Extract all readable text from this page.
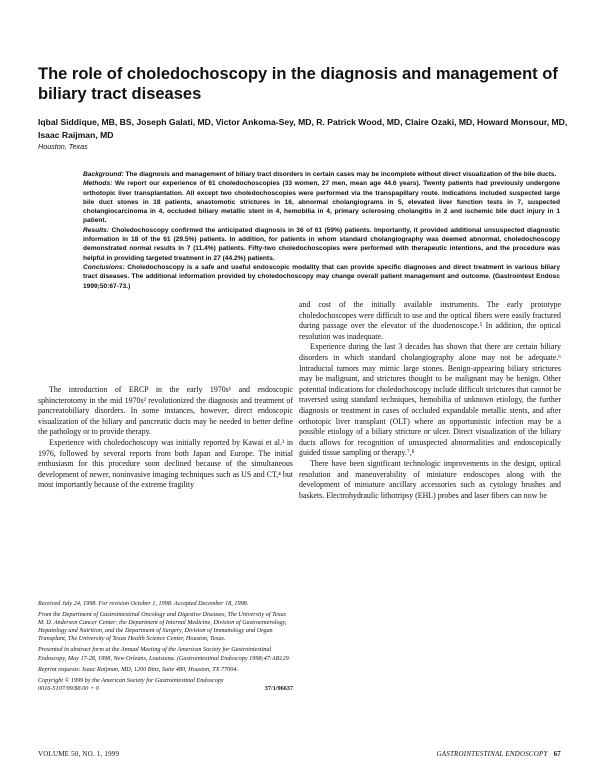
The role of choledochoscopy in the diagnosis and management of biliary tract diseases
Iqbal Siddique, MB, BS, Joseph Galati, MD, Victor Ankoma-Sey, MD, R. Patrick Wood, MD, Claire Ozaki, MD, Howard Monsour, MD, Isaac Raijman, MD
Houston, Texas

Background: The diagnosis and management of biliary tract disorders in certain cases may be incomplete without direct visualization of the bile ducts.

Methods: We report our experience of 61 choledochoscopies (33 women, 27 men, mean age 44.6 years). Twenty patients had previously undergone orthotopic liver transplantation. All except two choledochoscopies were performed via the transpapillary route. Indications included suspected large bile duct stones in 18 patients, anastomotic strictures in 16, abnormal cholangiograms in 5, elevated liver function tests in 7, suspected cholangiocarcinoma in 4, occluded biliary metallic stent in 4, hemobilia in 4, primary sclerosing cholangitis in 2 and ischemic bile duct injury in 1 patient.

Results: Choledochoscopy confirmed the anticipated diagnosis in 36 of 61 (59%) patients. Importantly, it provided additional unsuspected diagnostic information in 18 of the 61 (29.5%) patients. In addition, for patients in whom standard cholangiography was deemed abnormal, choledochoscopy demonstrated normal results in 7 (11.4%) patients. Fifty-two choledochoscopies were performed with therapeutic intentions, and the procedure was helpful in providing targeted treatment in 27 (44.2%) patients.

Conclusions: Choledochoscopy is a safe and useful endoscopic modality that can provide specific diagnoses and direct treatment in various biliary tract diseases. The additional information provided by choledochoscopy may change overall patient management and outcome. (Gastrointest Endosc 1999;50:67-73.)

The introduction of ERCP in the early 1970s¹ and endoscopic sphincterotomy in the mid 1970s² revolutionized the diagnosis and treatment of pancreatobiliary disorders. In some instances, however, direct endoscopic visualization of the biliary and pancreatic ducts may be needed to better define the pathology or to provide therapy.

Experience with choledochoscopy was initially reported by Kawai et al.³ in 1976, followed by several reports from both Japan and Europe. The initial enthusiasm for this procedure soon declined because of the simultaneous development of newer, noninvasive imaging techniques such as US and CT,⁴ but most importantly because of the extreme fragility

and cost of the initially available instruments. The early prototype choledochoscopes were difficult to use and the optical fibers were easily fractured during passage over the elevator of the duodenoscope.⁵ In addition, the optical resolution was inadequate.

Experience during the last 3 decades has shown that there are certain biliary disorders in which standard cholangiography alone may not be adequate.⁶ Intraductal tumors may mimic large stones. Benign-appearing biliary strictures may be malignant, and strictures thought to be malignant may be benign. Other potential indications for choledochoscopy include difficult strictures that cannot be traversed using standard techniques, hemobilia of unknown etiology, the further diagnosis or treatment in cases of occluded expandable metallic stents, and after orthotopic liver transplant (OLT) where an opportunistic infection may be a possible etiology of a biliary stricture or ulcer. Direct visualization of the biliary ducts allows for recognition of unsuspected abnormalities and endoscopically guided tissue sampling or therapy.⁷,⁸

There have been significant technologic improvements in the design, optical resolution and maneuverability of miniature endoscopes along with the development of miniature ancillary accessories such as cytology brushes and baskets. Electrohydraulic lithotripsy (EHL) probes and laser fibers can now be

Received July 24, 1998. For revision October 1, 1998. Accepted December 18, 1998.

From the Department of Gastrointestinal Oncology and Digestive Diseases, The University of Texas M. D. Anderson Cancer Center; the Department of Internal Medicine, Division of Gastroenterology, Hepatology and Nutrition, and the Department of Surgery, Division of Immunology and Organ Transplant, The University of Texas Health Science Center, Houston, Texas.

Presented in abstract form at the Annual Meeting of the American Society for Gastrointestinal Endoscopy, May 17-28, 1998, New Orleans, Louisiana. (Gastrointestinal Endoscopy 1998;47:AB129.

Reprint requests: Isaac Raijman, MD, 1200 Binz, Suite 480, Houston, TX 77004.

Copyright © 1999 by the American Society for Gastrointestinal Endoscopy

0016-5107/99/$8.00 + 0	37/1/96637
VOLUME 50, NO. 1, 1999	GASTROINTESTINAL ENDOSCOPY 67
